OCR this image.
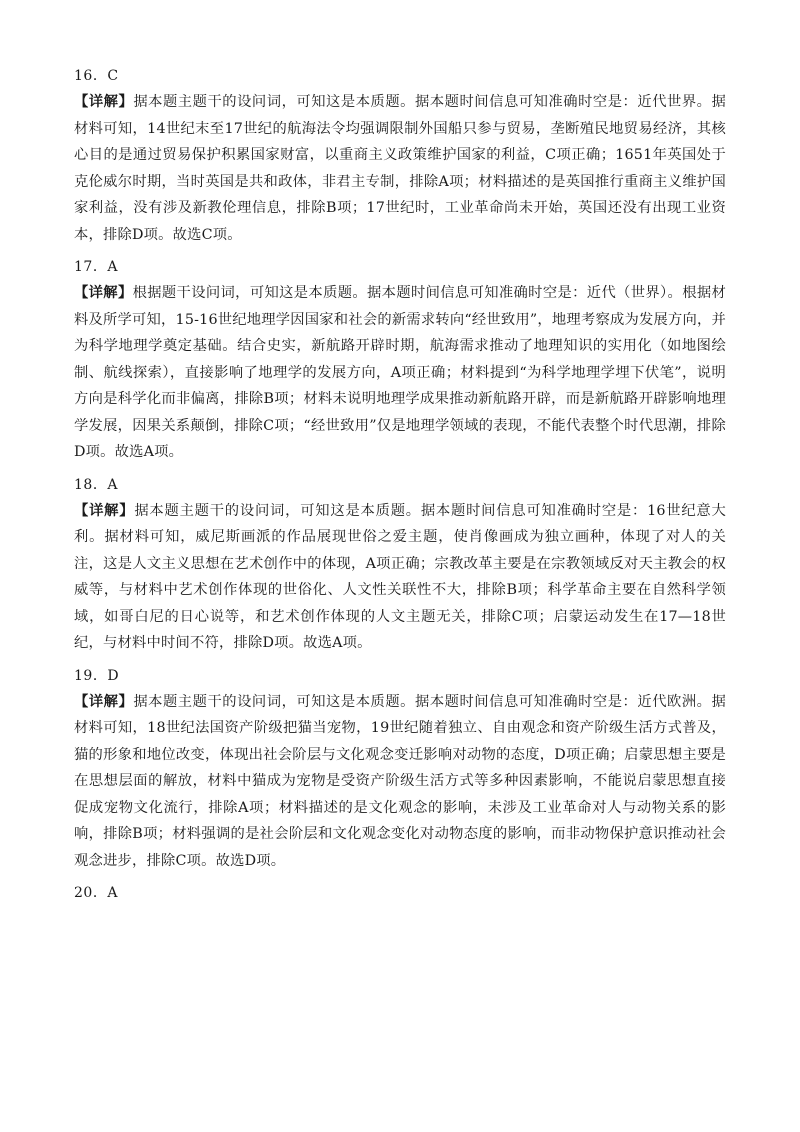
16．C

【详解】据本题主题干的设问词，可知这是本质题。据本题时间信息可知准确时空是：近代世界。据材料可知，14世纪末至17世纪的航海法令均强调限制外国船只参与贸易，垄断殖民地贸易经济，其核心目的是通过贸易保护积累国家财富，以重商主义政策维护国家的利益，C项正确；1651年英国处于克伦威尔时期，当时英国是共和政体，非君主专制，排除A项；材料描述的是英国推行重商主义维护国家利益，没有涉及新教伦理信息，排除B项；17世纪时，工业革命尚未开始，英国还没有出现工业资本，排除D项。故选C项。

17．A

【详解】根据题干设问词，可知这是本质题。据本题时间信息可知准确时空是：近代（世界）。根据材料及所学可知，15-16世纪地理学因国家和社会的新需求转向“经世致用”，地理考察成为发展方向，并为科学地理学奠定基础。结合史实，新航路开辟时期，航海需求推动了地理知识的实用化（如地图绘制、航线探索），直接影响了地理学的发展方向，A项正确；材料提到“为科学地理学埋下伏笔”，说明方向是科学化而非偏离，排除B项；材料未说明地理学成果推动新航路开辟，而是新航路开辟影响地理学发展，因果关系颠倒，排除C项；“经世致用”仅是地理学领域的表现，不能代表整个时代思潮，排除D项。故选A项。

18．A

【详解】据本题主题干的设问词，可知这是本质题。据本题时间信息可知准确时空是：16世纪意大利。据材料可知，威尼斯画派的作品展现世俗之爱主题，使肖像画成为独立画种，体现了对人的关注，这是人文主义思想在艺术创作中的体现，A项正确；宗教改革主要是在宗教领域反对天主教会的权威等，与材料中艺术创作体现的世俗化、人文性关联性不大，排除B项；科学革命主要在自然科学领域，如哥白尼的日心说等，和艺术创作体现的人文主题无关，排除C项；启蒙运动发生在17—18世纪，与材料中时间不符，排除D项。故选A项。

19．D

【详解】据本题主题干的设问词，可知这是本质题。据本题时间信息可知准确时空是：近代欧洲。据材料可知，18世纪法国资产阶级把猫当宠物，19世纪随着独立、自由观念和资产阶级生活方式普及，猫的形象和地位改变，体现出社会阶层与文化观念变迁影响对动物的态度，D项正确；启蒙思想主要是在思想层面的解放，材料中猫成为宠物是受资产阶级生活方式等多种因素影响，不能说启蒙思想直接促成宠物文化流行，排除A项；材料描述的是文化观念的影响，未涉及工业革命对人与动物关系的影响，排除B项；材料强调的是社会阶层和文化观念变化对动物态度的影响，而非动物保护意识推动社会观念进步，排除C项。故选D项。

20．A
